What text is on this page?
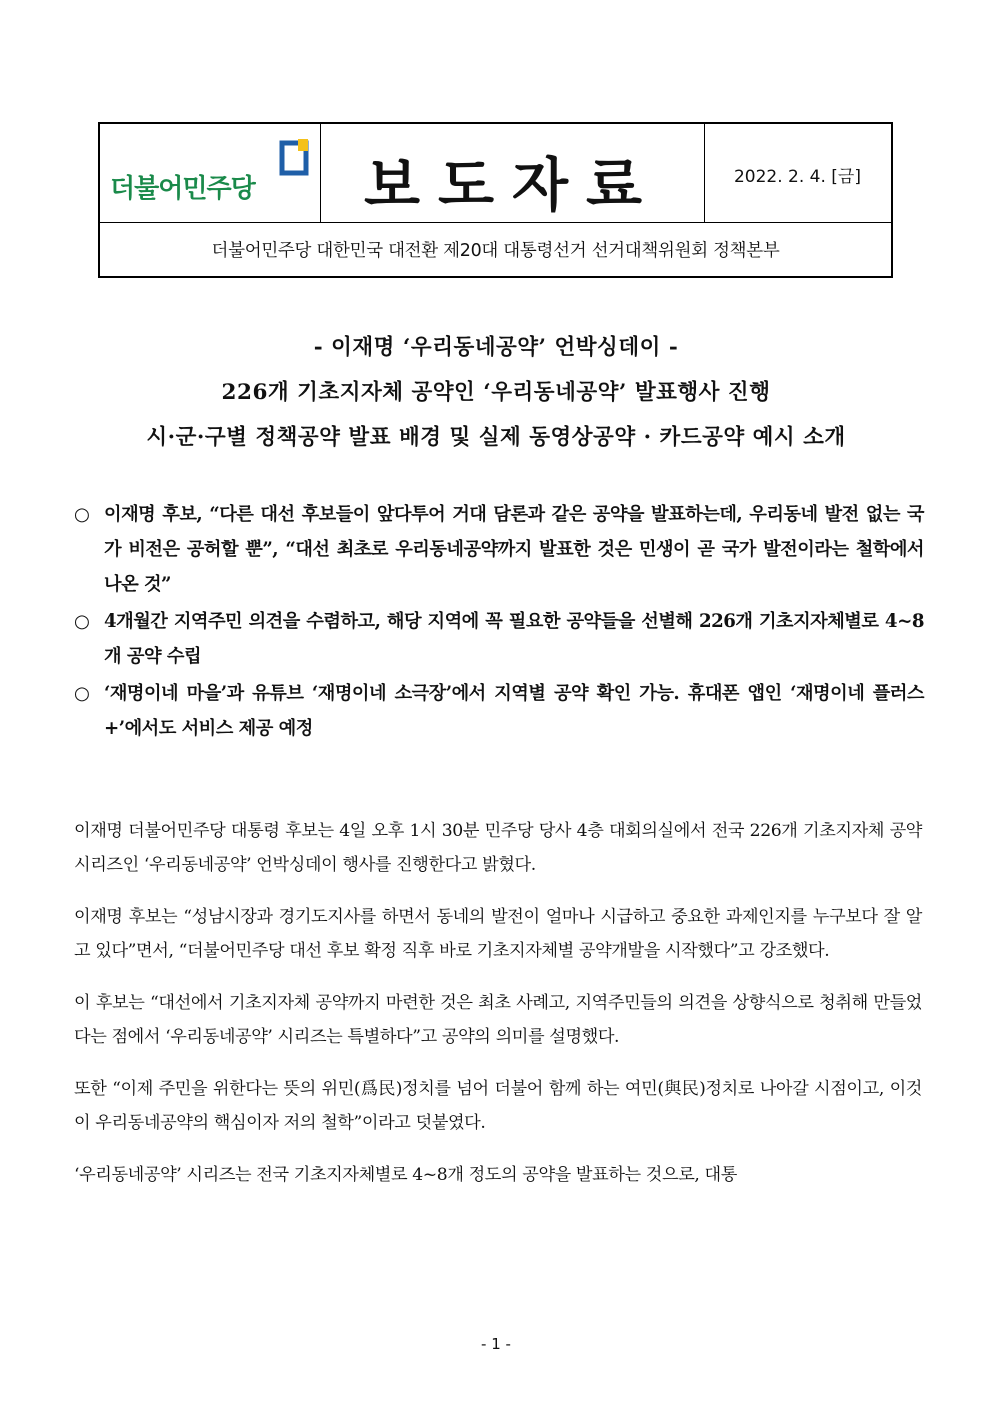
더불어민주당	보도자료	2022. 2. 4. [금]
더불어민주당 대한민국 대전환 제20대 대통령선거 선거대책위원회 정책본부
- 이재명 ‘우리동네공약’ 언박싱데이 -
226개 기초지자체 공약인 ‘우리동네공약’ 발표행사 진행
시·군·구별 정책공약 발표 배경 및 실제 동영상공약 · 카드공약 예시 소개
○ 이재명 후보, “다른 대선 후보들이 앞다투어 거대 담론과 같은 공약을 발표하는데, 우리동네 발전 없는 국가 비전은 공허할 뿐”, “대선 최초로 우리동네공약까지 발표한 것은 민생이 곧 국가 발전이라는 철학에서 나온 것”
○ 4개월간 지역주민 의견을 수렴하고, 해당 지역에 꼭 필요한 공약들을 선별해 226개 기초지자체별로 4~8개 공약 수립
○ ‘재명이네 마을’과 유튜브 ‘재명이네 소극장’에서 지역별 공약 확인 가능. 휴대폰 앱인 ‘재명이네 플러스+’에서도 서비스 제공 예정

이재명 더불어민주당 대통령 후보는 4일 오후 1시 30분 민주당 당사 4층 대회의실에서 전국 226개 기초지자체 공약 시리즈인 ‘우리동네공약’ 언박싱데이 행사를 진행한다고 밝혔다.

이재명 후보는 “성남시장과 경기도지사를 하면서 동네의 발전이 얼마나 시급하고 중요한 과제인지를 누구보다 잘 알고 있다”면서, “더불어민주당 대선 후보 확정 직후 바로 기초지자체별 공약개발을 시작했다”고 강조했다.

이 후보는 “대선에서 기초지자체 공약까지 마련한 것은 최초 사례고, 지역주민들의 의견을 상향식으로 청취해 만들었다는 점에서 ‘우리동네공약’ 시리즈는 특별하다”고 공약의 의미를 설명했다.

또한 “이제 주민을 위한다는 뜻의 위민(爲民)정치를 넘어 더불어 함께 하는 여민(與民)정치로 나아갈 시점이고, 이것이 우리동네공약의 핵심이자 저의 철학”이라고 덧붙였다.

‘우리동네공약’ 시리즈는 전국 기초지자체별로 4~8개 정도의 공약을 발표하는 것으로, 대통

- 1 -
